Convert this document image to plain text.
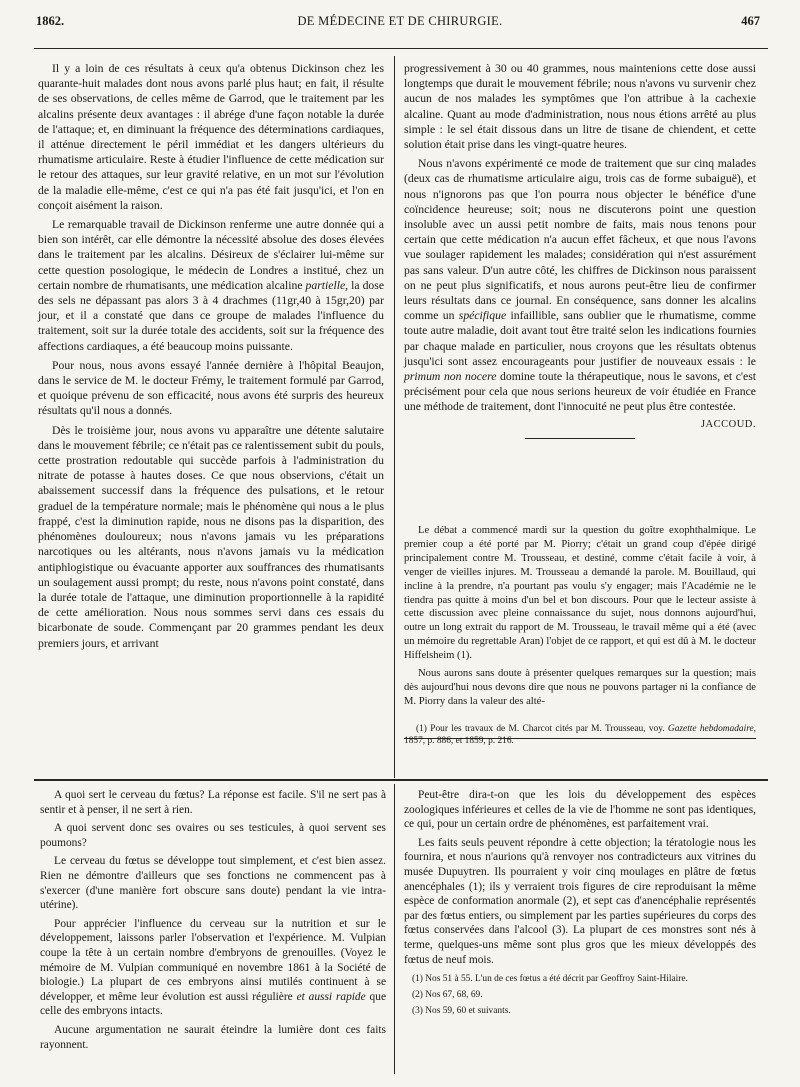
1862.	DE MÉDECINE ET DE CHIRURGIE.	467

Il y a loin de ces résultats à ceux qu'a obtenus Dickinson chez les quarante-huit malades dont nous avons parlé plus haut; en fait, il résulte de ses observations, de celles même de Garrod, que le traitement par les alcalins présente deux avantages : il abrége d'une façon notable la durée de l'attaque; et, en diminuant la fréquence des déterminations cardiaques, il atténue directement le péril immédiat et les dangers ultérieurs du rhumatisme articulaire. Reste à étudier l'influence de cette médication sur le retour des attaques, sur leur gravité relative, en un mot sur l'évolution de la maladie elle-même, c'est ce qui n'a pas été fait jusqu'ici, et l'on en conçoit aisément la raison.

Le remarquable travail de Dickinson renferme une autre donnée qui a bien son intérêt, car elle démontre la nécessité absolue des doses élevées dans le traitement par les alcalins. Désireux de s'éclairer lui-même sur cette question posologique, le médecin de Londres a institué, chez un certain nombre de rhumatisants, une médication alcaline partielle, la dose des sels ne dépassant pas alors 3 à 4 drachmes (11gr,40 à 15gr,20) par jour, et il a constaté que dans ce groupe de malades l'influence du traitement, soit sur la durée totale des accidents, soit sur la fréquence des affections cardiaques, a été beaucoup moins puissante.

Pour nous, nous avons essayé l'année dernière à l'hôpital Beaujon, dans le service de M. le docteur Frémy, le traitement formulé par Garrod, et quoique prévenu de son efficacité, nous avons été surpris des heureux résultats qu'il nous a donnés.

Dès le troisième jour, nous avons vu apparaître une détente salutaire dans le mouvement fébrile; ce n'était pas ce ralentissement subit du pouls, cette prostration redoutable qui succède parfois à l'administration du nitrate de potasse à hautes doses. Ce que nous observions, c'était un abaissement successif dans la fréquence des pulsations, et le retour graduel de la température normale; mais le phénomène qui nous a le plus frappé, c'est la diminution rapide, nous ne disons pas la disparition, des phénomènes douloureux; nous n'avons jamais vu les préparations narcotiques ou les altérants, nous n'avons jamais vu la médication antiphlogistique ou évacuante apporter aux souffrances des rhumatisants un soulagement aussi prompt; du reste, nous n'avons point constaté, dans la durée totale de l'attaque, une diminution proportionnelle à la rapidité de cette amélioration. Nous nous sommes servi dans ces essais du bicarbonate de soude. Commençant par 20 grammes pendant les deux premiers jours, et arrivant

progressivement à 30 ou 40 grammes, nous maintenions cette dose aussi longtemps que durait le mouvement fébrile; nous n'avons vu survenir chez aucun de nos malades les symptômes que l'on attribue à la cachexie alcaline. Quant au mode d'administration, nous nous étions arrêté au plus simple : le sel était dissous dans un litre de tisane de chiendent, et cette solution était prise dans les vingt-quatre heures.

Nous n'avons expérimenté ce mode de traitement que sur cinq malades (deux cas de rhumatisme articulaire aigu, trois cas de forme subaiguë), et nous n'ignorons pas que l'on pourra nous objecter le bénéfice d'une coïncidence heureuse; soit; nous ne discuterons point une question insoluble avec un aussi petit nombre de faits, mais nous tenons pour certain que cette médication n'a aucun effet fâcheux, et que nous l'avons vue soulager rapidement les malades; considération qui n'est assurément pas sans valeur. D'un autre côté, les chiffres de Dickinson nous paraissent on ne peut plus significatifs, et nous aurons peut-être lieu de confirmer leurs résultats dans ce journal. En conséquence, sans donner les alcalins comme un spécifique infaillible, sans oublier que le rhumatisme, comme toute autre maladie, doit avant tout être traité selon les indications fournies par chaque malade en particulier, nous croyons que les résultats obtenus jusqu'ici sont assez encourageants pour justifier de nouveaux essais : le primum non nocere domine toute la thérapeutique, nous le savons, et c'est précisément pour cela que nous serions heureux de voir étudiée en France une méthode de traitement, dont l'innocuité ne peut plus être contestée.

JACCOUD.

Le débat a commencé mardi sur la question du goître exophthalmique. Le premier coup a été porté par M. Piorry; c'était un grand coup d'épée dirigé principalement contre M. Trousseau, et destiné, comme c'était facile à voir, à venger de vieilles injures. M. Trousseau a demandé la parole. M. Bouillaud, qui incline à la prendre, n'a pourtant pas voulu s'y engager; mais l'Académie ne le tiendra pas quitte à moins d'un bel et bon discours. Pour que le lecteur assiste à cette discussion avec pleine connaissance du sujet, nous donnons aujourd'hui, outre un long extrait du rapport de M. Trousseau, le travail même qui a été (avec un mémoire du regrettable Aran) l'objet de ce rapport, et qui est dû à M. le docteur Hiffelsheim (1).

Nous aurons sans doute à présenter quelques remarques sur la question; mais dès aujourd'hui nous devons dire que nous ne pouvons partager ni la confiance de M. Piorry dans la valeur des alté-

(1) Pour les travaux de M. Charcot cités par M. Trousseau, voy. Gazette hebdomadaire, 1857, p. 886, et 1859, p. 216.

A quoi sert le cerveau du fœtus? La réponse est facile. S'il ne sert pas à sentir et à penser, il ne sert à rien.

A quoi servent donc ses ovaires ou ses testicules, à quoi servent ses poumons?

Le cerveau du fœtus se développe tout simplement, et c'est bien assez. Rien ne démontre d'ailleurs que ses fonctions ne commencent pas à s'exercer (d'une manière fort obscure sans doute) pendant la vie intra-utérine).

Pour apprécier l'influence du cerveau sur la nutrition et sur le développement, laissons parler l'observation et l'expérience. M. Vulpian coupe la tête à un certain nombre d'embryons de grenouilles. (Voyez le mémoire de M. Vulpian communiqué en novembre 1861 à la Société de biologie.) La plupart de ces embryons ainsi mutilés continuent à se développer, et même leur évolution est aussi régulière et aussi rapide que celle des embryons intacts.

Aucune argumentation ne saurait éteindre la lumière dont ces faits rayonnent.

Peut-être dira-t-on que les lois du développement des espèces zoologiques inférieures et celles de la vie de l'homme ne sont pas identiques, ce qui, pour un certain ordre de phénomènes, est parfaitement vrai.

Les faits seuls peuvent répondre à cette objection; la tératologie nous les fournira, et nous n'aurions qu'à renvoyer nos contradicteurs aux vitrines du musée Dupuytren. Ils pourraient y voir cinq moulages en plâtre de fœtus anencéphales (1); ils y verraient trois figures de cire reproduisant la même espèce de conformation anormale (2), et sept cas d'anencéphalie représentés par des fœtus entiers, ou simplement par les parties supérieures du corps des fœtus conservées dans l'alcool (3). La plupart de ces monstres sont nés à terme, quelques-uns même sont plus gros que les mieux développés des fœtus de neuf mois.

(1) Nos 51 à 55. L'un de ces fœtus a été décrit par Geoffroy Saint-Hilaire.

(2) Nos 67, 68, 69.

(3) Nos 59, 60 et suivants.
